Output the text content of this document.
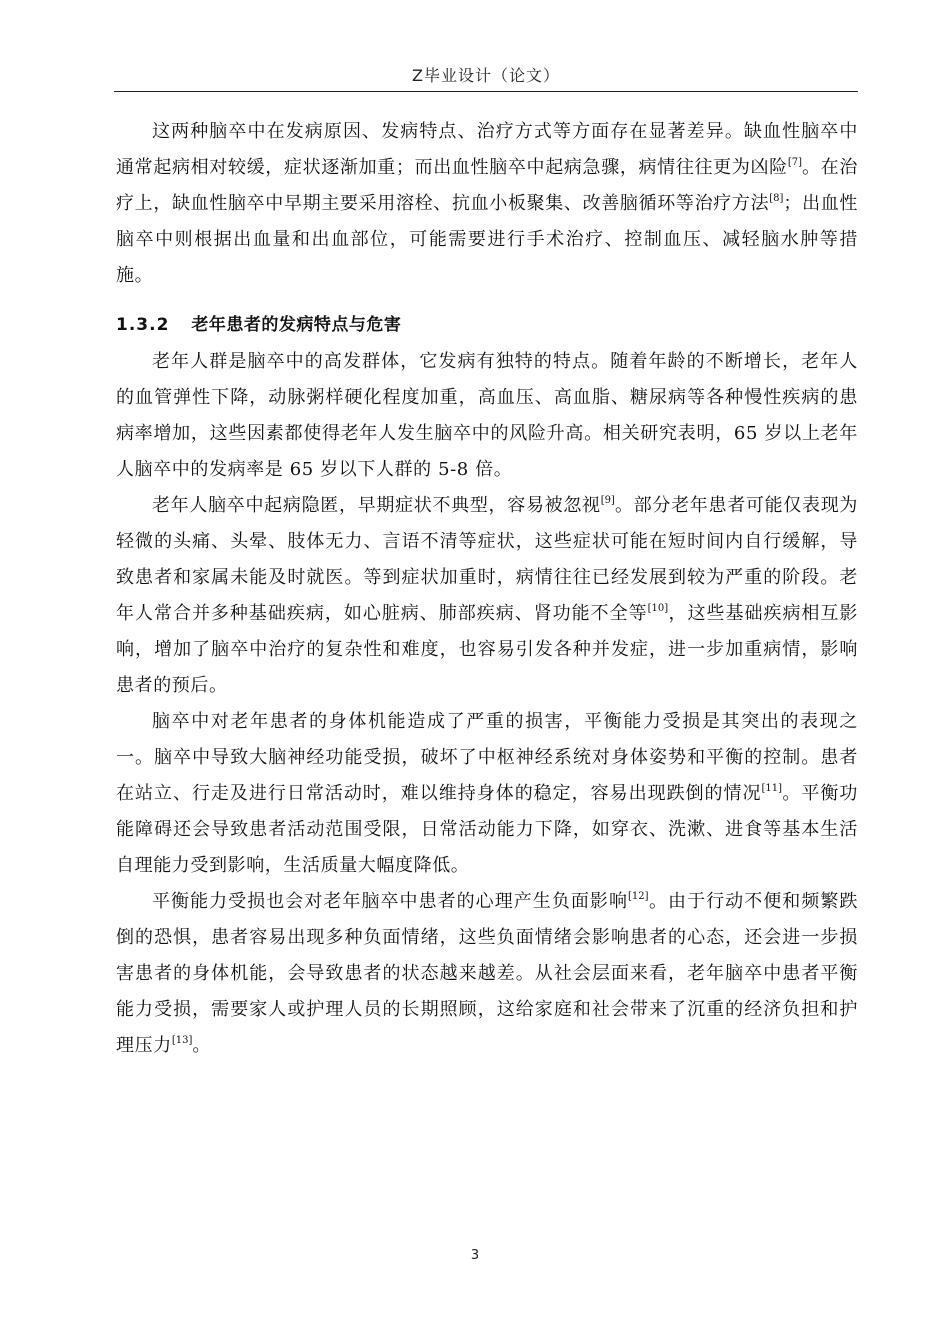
Z毕业设计（论文）

这两种脑卒中在发病原因、发病特点、治疗方式等方面存在显著差异。缺血性脑卒中通常起病相对较缓，症状逐渐加重；而出血性脑卒中起病急骤，病情往往更为凶险[7]。在治疗上，缺血性脑卒中早期主要采用溶栓、抗血小板聚集、改善脑循环等治疗方法[8]；出血性脑卒中则根据出血量和出血部位，可能需要进行手术治疗、控制血压、减轻脑水肿等措施。

1.3.2 老年患者的发病特点与危害

老年人群是脑卒中的高发群体，它发病有独特的特点。随着年龄的不断增长，老年人的血管弹性下降，动脉粥样硬化程度加重，高血压、高血脂、糖尿病等各种慢性疾病的患病率增加，这些因素都使得老年人发生脑卒中的风险升高。相关研究表明，65 岁以上老年人脑卒中的发病率是 65 岁以下人群的 5-8 倍。

老年人脑卒中起病隐匿，早期症状不典型，容易被忽视[9]。部分老年患者可能仅表现为轻微的头痛、头晕、肢体无力、言语不清等症状，这些症状可能在短时间内自行缓解，导致患者和家属未能及时就医。等到症状加重时，病情往往已经发展到较为严重的阶段。老年人常合并多种基础疾病，如心脏病、肺部疾病、肾功能不全等[10]，这些基础疾病相互影响，增加了脑卒中治疗的复杂性和难度，也容易引发各种并发症，进一步加重病情，影响患者的预后。

脑卒中对老年患者的身体机能造成了严重的损害，平衡能力受损是其突出的表现之一。脑卒中导致大脑神经功能受损，破坏了中枢神经系统对身体姿势和平衡的控制。患者在站立、行走及进行日常活动时，难以维持身体的稳定，容易出现跌倒的情况[11]。平衡功能障碍还会导致患者活动范围受限，日常活动能力下降，如穿衣、洗漱、进食等基本生活自理能力受到影响，生活质量大幅度降低。

平衡能力受损也会对老年脑卒中患者的心理产生负面影响[12]。由于行动不便和频繁跌倒的恐惧，患者容易出现多种负面情绪，这些负面情绪会影响患者的心态，还会进一步损害患者的身体机能，会导致患者的状态越来越差。从社会层面来看，老年脑卒中患者平衡能力受损，需要家人或护理人员的长期照顾，这给家庭和社会带来了沉重的经济负担和护理压力[13]。

3
